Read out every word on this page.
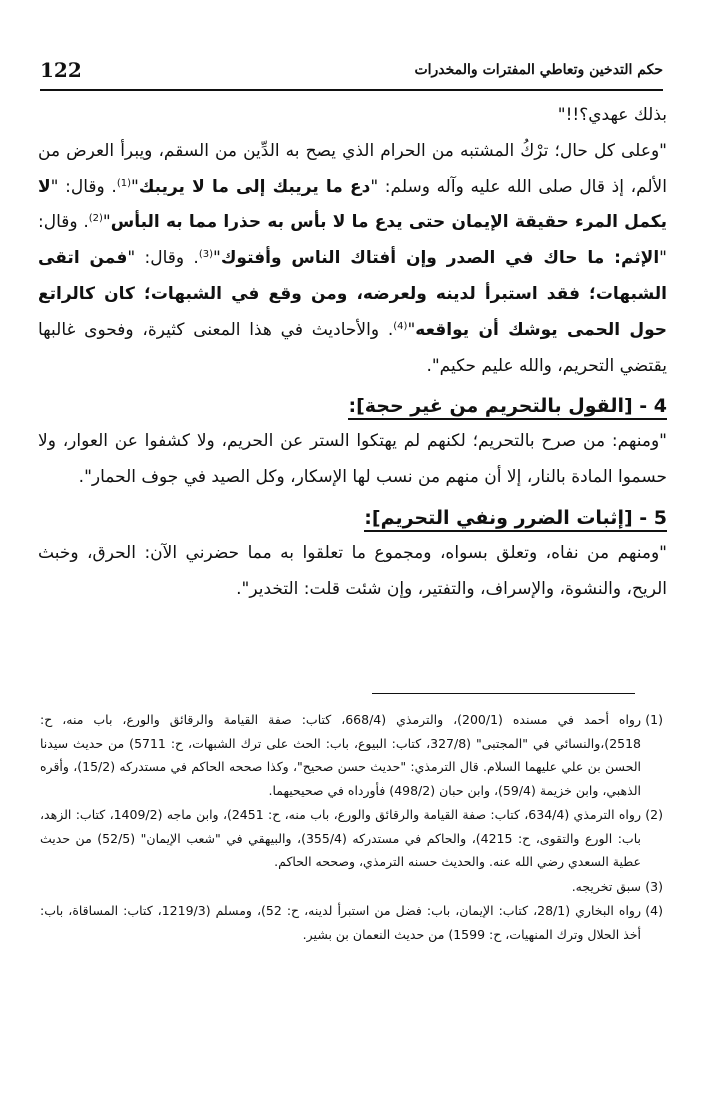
122	حكم التدخين وتعاطي المفترات والمخدرات

بذلك عهدي؟!!"

"وعلى كل حال؛ ترْكُ المشتبه من الحرام الذي يصح به الدِّين من السقم، ويبرأ العرض من الألم، إذ قال صلى الله عليه وآله وسلم: "دع ما يريبك إلى ما لا يريبك"$^{(1)}$. وقال: "لا يكمل المرء حقيقة الإيمان حتى يدع ما لا بأس به حذرا مما به البأس"$^{(2)}$. وقال: "الإثم: ما حاك في الصدر وإن أفتاك الناس وأفتوك"$^{(3)}$. وقال: "فمن اتقى الشبهات؛ فقد استبرأ لدينه ولعرضه، ومن وقع في الشبهات؛ كان كالراتع حول الحمى يوشك أن يواقعه"$^{(4)}$. والأحاديث في هذا المعنى كثيرة، وفحوى غالبها يقتضي التحريم، والله عليم حكيم".

4 - [القول بالتحريم من غير حجة]:

"ومنهم: من صرح بالتحريم؛ لكنهم لم يهتكوا الستر عن الحريم، ولا كشفوا عن العوار، ولا حسموا المادة بالنار، إلا أن منهم من نسب لها الإسكار، وكل الصيد في جوف الحمار".

5 - [إثبات الضرر ونفي التحريم]:

"ومنهم من نفاه، وتعلق بسواه، ومجموع ما تعلقوا به مما حضرني الآن: الحرق، وخبث الريح، والنشوة، والإسراف، والتفتير، وإن شئت قلت: التخدير".

(1)
رواه أحمد في مسنده (200/1)، والترمذي (668/4، كتاب: صفة القيامة والرقائق والورع، باب منه، ح: 2518)،والنسائي في "المجتبى" (327/8، كتاب: البيوع، باب: الحث على ترك الشبهات، ح: 5711) من حديث سيدنا الحسن بن علي عليهما السلام. قال الترمذي: "حديث حسن صحيح"، وكذا صححه الحاكم في مستدركه (15/2)، وأقره الذهبي، وابن خزيمة (59/4)، وابن حبان (498/2) فأورداه في صحيحيهما.

(2)
رواه الترمذي (634/4، كتاب: صفة القيامة والرقائق والورع، باب منه، ح: 2451)، وابن ماجه (1409/2، كتاب: الزهد، باب: الورع والتقوى، ح: 4215)، والحاكم في مستدركه (355/4)، والبيهقي في "شعب الإيمان" (52/5) من حديث عطية السعدي رضي الله عنه. والحديث حسنه الترمذي، وصححه الحاكم.

(3)
سبق تخريجه.

(4)
رواه البخاري (28/1، كتاب: الإيمان، باب: فضل من استبرأ لدينه، ح: 52)، ومسلم (1219/3، كتاب: المساقاة، باب: أخذ الحلال وترك المنهيات، ح: 1599) من حديث النعمان بن بشير.
